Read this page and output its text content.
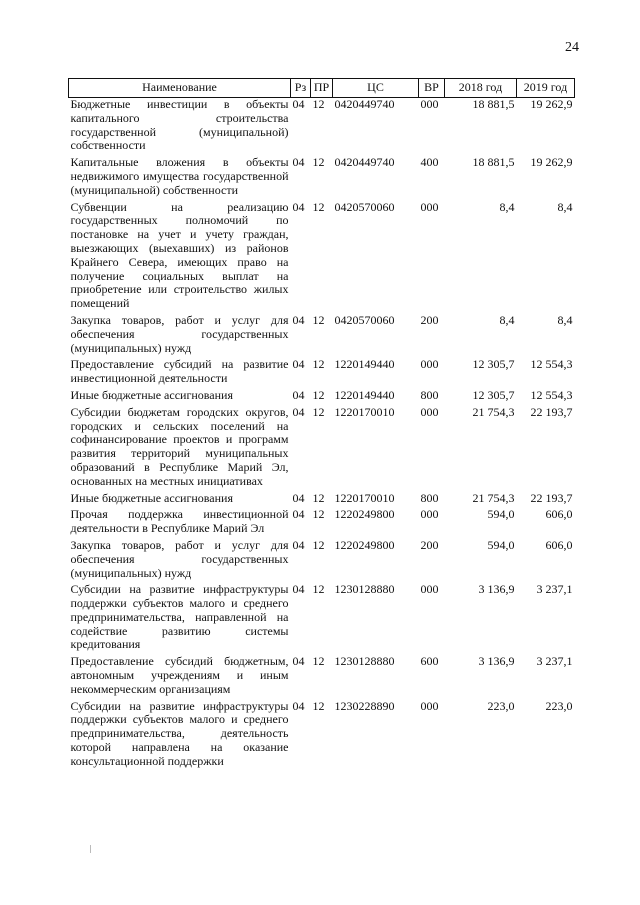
24
Наименование	Рз	ПР	ЦС	ВР	2018 год	2019 год
Бюджетные инвестиции в объекты капитального строительства государственной (муниципальной) собственности	04	12	0420449740	000	18 881,5	19 262,9
Капитальные вложения в объекты недвижимого имущества государственной (муниципальной) собственности	04	12	0420449740	400	18 881,5	19 262,9
Субвенции на реализацию государственных полномочий по постановке на учет и учету граждан, выезжающих (выехавших) из районов Крайнего Севера, имеющих право на получение социальных выплат на приобретение или строительство жилых помещений	04	12	0420570060	000	8,4	8,4
Закупка товаров, работ и услуг для обеспечения государственных (муниципальных) нужд	04	12	0420570060	200	8,4	8,4
Предоставление субсидий на развитие инвестиционной деятельности	04	12	1220149440	000	12 305,7	12 554,3
Иные бюджетные ассигнования	04	12	1220149440	800	12 305,7	12 554,3
Субсидии бюджетам городских округов, городских и сельских поселений на софинансирование проектов и программ развития территорий муниципальных образований в Республике Марий Эл, основанных на местных инициативах	04	12	1220170010	000	21 754,3	22 193,7
Иные бюджетные ассигнования	04	12	1220170010	800	21 754,3	22 193,7
Прочая поддержка инвестиционной деятельности в Республике Марий Эл	04	12	1220249800	000	594,0	606,0
Закупка товаров, работ и услуг для обеспечения государственных (муниципальных) нужд	04	12	1220249800	200	594,0	606,0
Субсидии на развитие инфраструктуры поддержки субъектов малого и среднего предпринимательства, направленной на содействие развитию системы кредитования	04	12	1230128880	000	3 136,9	3 237,1
Предоставление субсидий бюджетным, автономным учреждениям и иным некоммерческим организациям	04	12	1230128880	600	3 136,9	3 237,1
Субсидии на развитие инфраструктуры поддержки субъектов малого и среднего предпринимательства, деятельность которой направлена на оказание консультационной поддержки	04	12	1230228890	000	223,0	223,0
